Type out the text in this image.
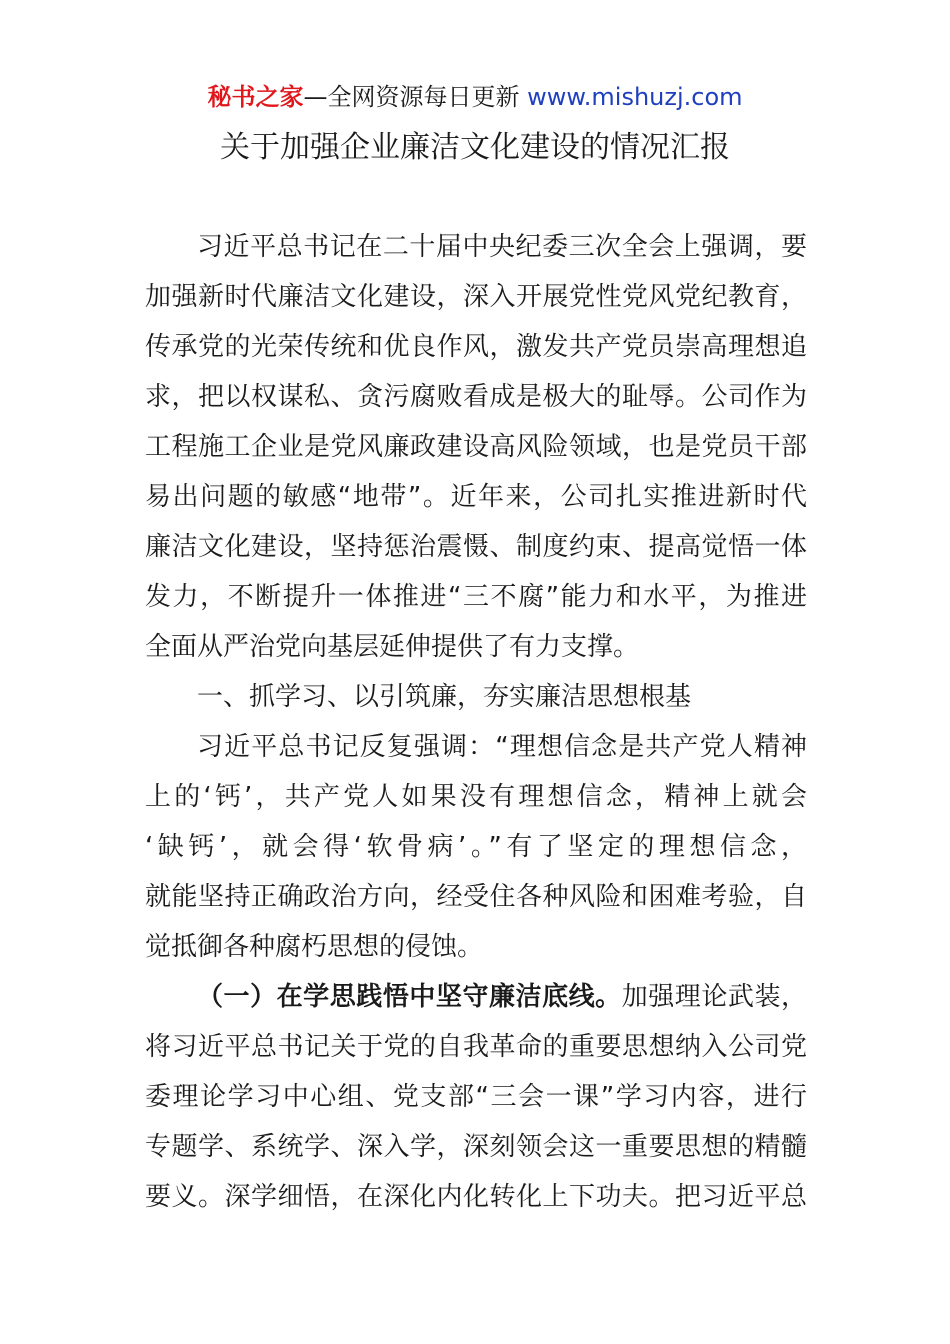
秘书之家—全网资源每日更新 www.mishuzj.com
关于加强企业廉洁文化建设的情况汇报
习近平总书记在二十届中央纪委三次全会上强调，要
加强新时代廉洁文化建设，深入开展党性党风党纪教育，
传承党的光荣传统和优良作风，激发共产党员崇高理想追
求，把以权谋私、贪污腐败看成是极大的耻辱。公司作为
工程施工企业是党风廉政建设高风险领域，也是党员干部
易出问题的敏感“地带”。近年来，公司扎实推进新时代
廉洁文化建设，坚持惩治震慑、制度约束、提高觉悟一体
发力，不断提升一体推进“三不腐”能力和水平，为推进
全面从严治党向基层延伸提供了有力支撑。
一、抓学习、以引筑廉，夯实廉洁思想根基
习近平总书记反复强调：“理想信念是共产党人精神
上的‘钙’，共产党人如果没有理想信念，精神上就会
‘缺钙’，就会得‘软骨病’。”有了坚定的理想信念，
就能坚持正确政治方向，经受住各种风险和困难考验，自
觉抵御各种腐朽思想的侵蚀。
（一）在学思践悟中坚守廉洁底线。加强理论武装，
将习近平总书记关于党的自我革命的重要思想纳入公司党
委理论学习中心组、党支部“三会一课”学习内容，进行
专题学、系统学、深入学，深刻领会这一重要思想的精髓
要义。深学细悟，在深化内化转化上下功夫。把习近平总
